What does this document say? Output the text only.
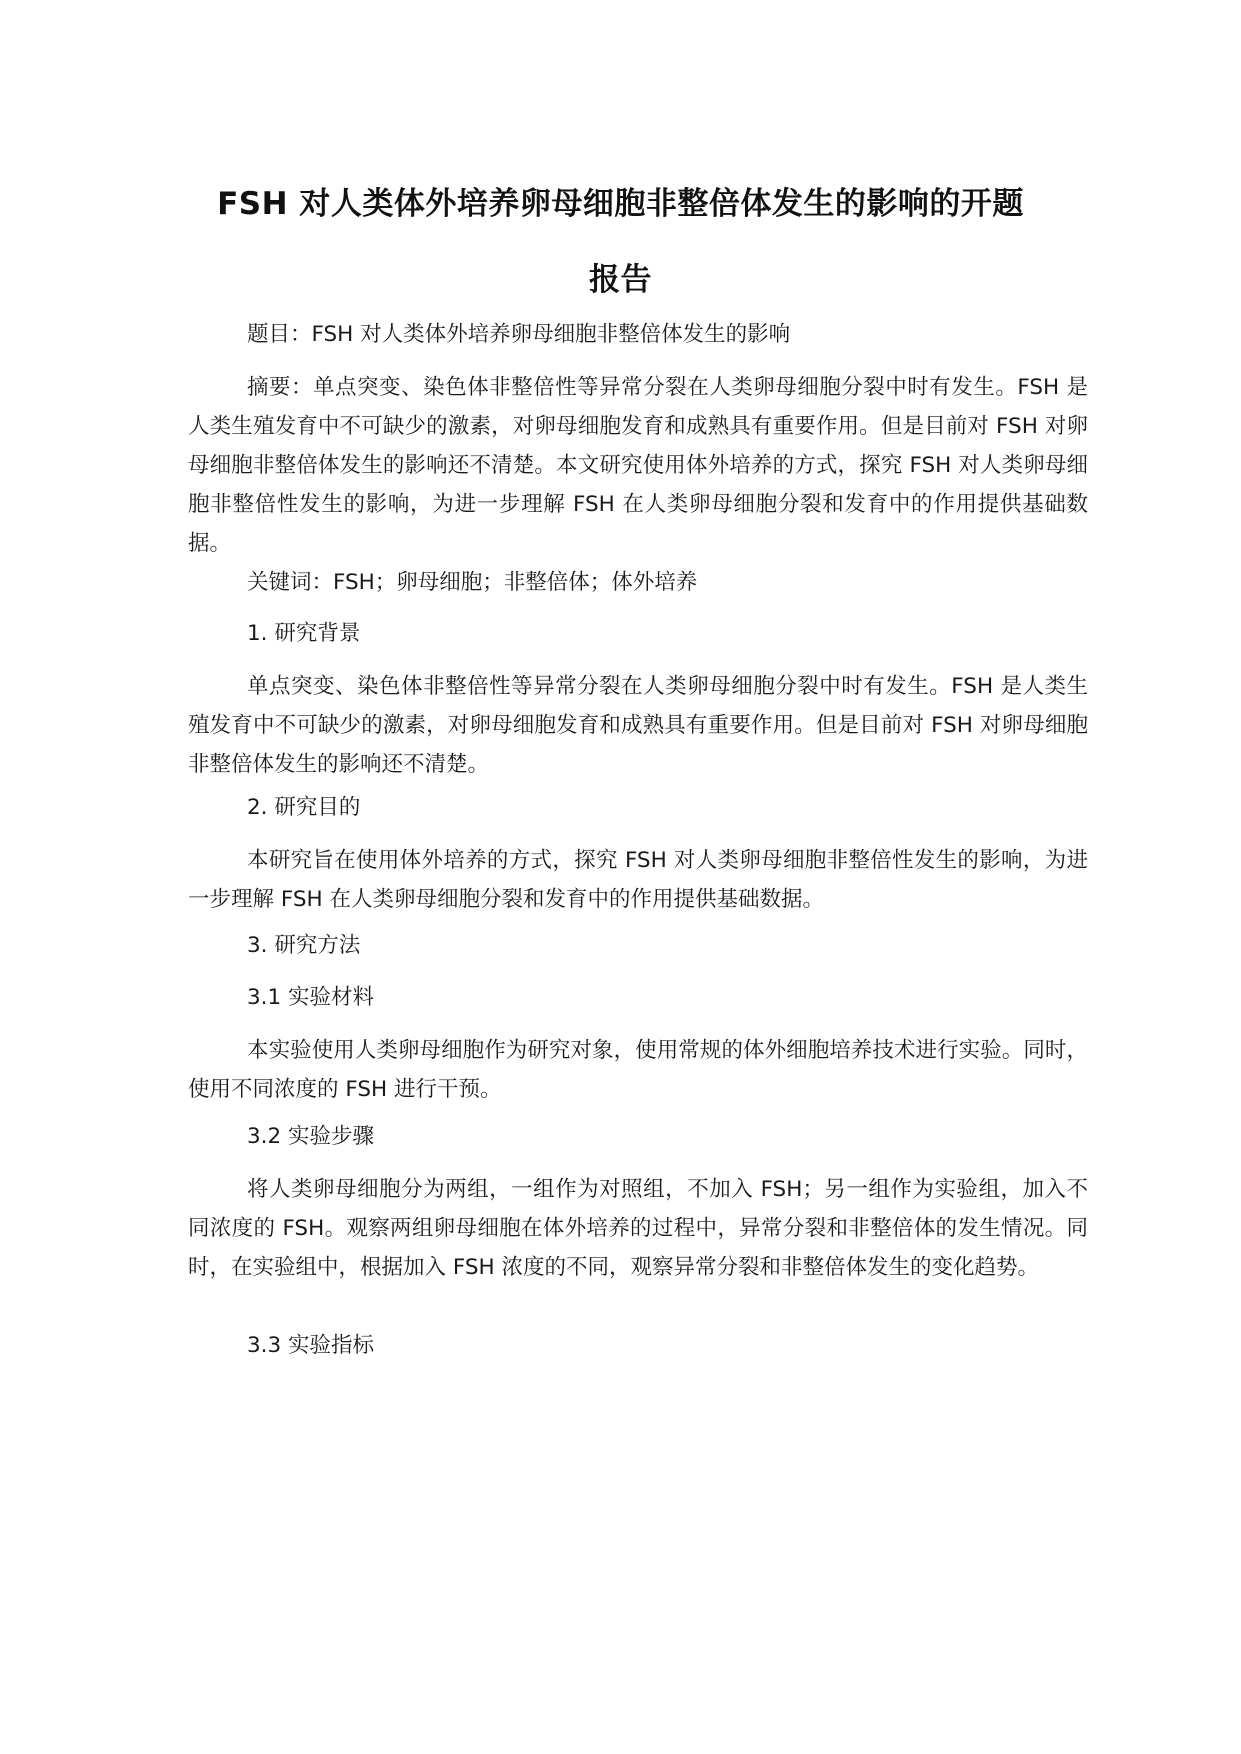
FSH 对人类体外培养卵母细胞非整倍体发生的影响的开题
报告

题目：FSH 对人类体外培养卵母细胞非整倍体发生的影响

摘要：单点突变、染色体非整倍性等异常分裂在人类卵母细胞分裂中时有发生。FSH 是人类生殖发育中不可缺少的激素，对卵母细胞发育和成熟具有重要作用。但是目前对 FSH 对卵母细胞非整倍体发生的影响还不清楚。本文研究使用体外培养的方式，探究 FSH 对人类卵母细胞非整倍性发生的影响，为进一步理解 FSH 在人类卵母细胞分裂和发育中的作用提供基础数据。

关键词：FSH；卵母细胞；非整倍体；体外培养

1. 研究背景

单点突变、染色体非整倍性等异常分裂在人类卵母细胞分裂中时有发生。FSH 是人类生殖发育中不可缺少的激素，对卵母细胞发育和成熟具有重要作用。但是目前对 FSH 对卵母细胞非整倍体发生的影响还不清楚。

2. 研究目的

本研究旨在使用体外培养的方式，探究 FSH 对人类卵母细胞非整倍性发生的影响，为进一步理解 FSH 在人类卵母细胞分裂和发育中的作用提供基础数据。

3. 研究方法

3.1 实验材料

本实验使用人类卵母细胞作为研究对象，使用常规的体外细胞培养技术进行实验。同时，使用不同浓度的 FSH 进行干预。

3.2 实验步骤

将人类卵母细胞分为两组，一组作为对照组，不加入 FSH；另一组作为实验组，加入不同浓度的 FSH。观察两组卵母细胞在体外培养的过程中，异常分裂和非整倍体的发生情况。同时，在实验组中，根据加入 FSH 浓度的不同，观察异常分裂和非整倍体发生的变化趋势。

3.3 实验指标
